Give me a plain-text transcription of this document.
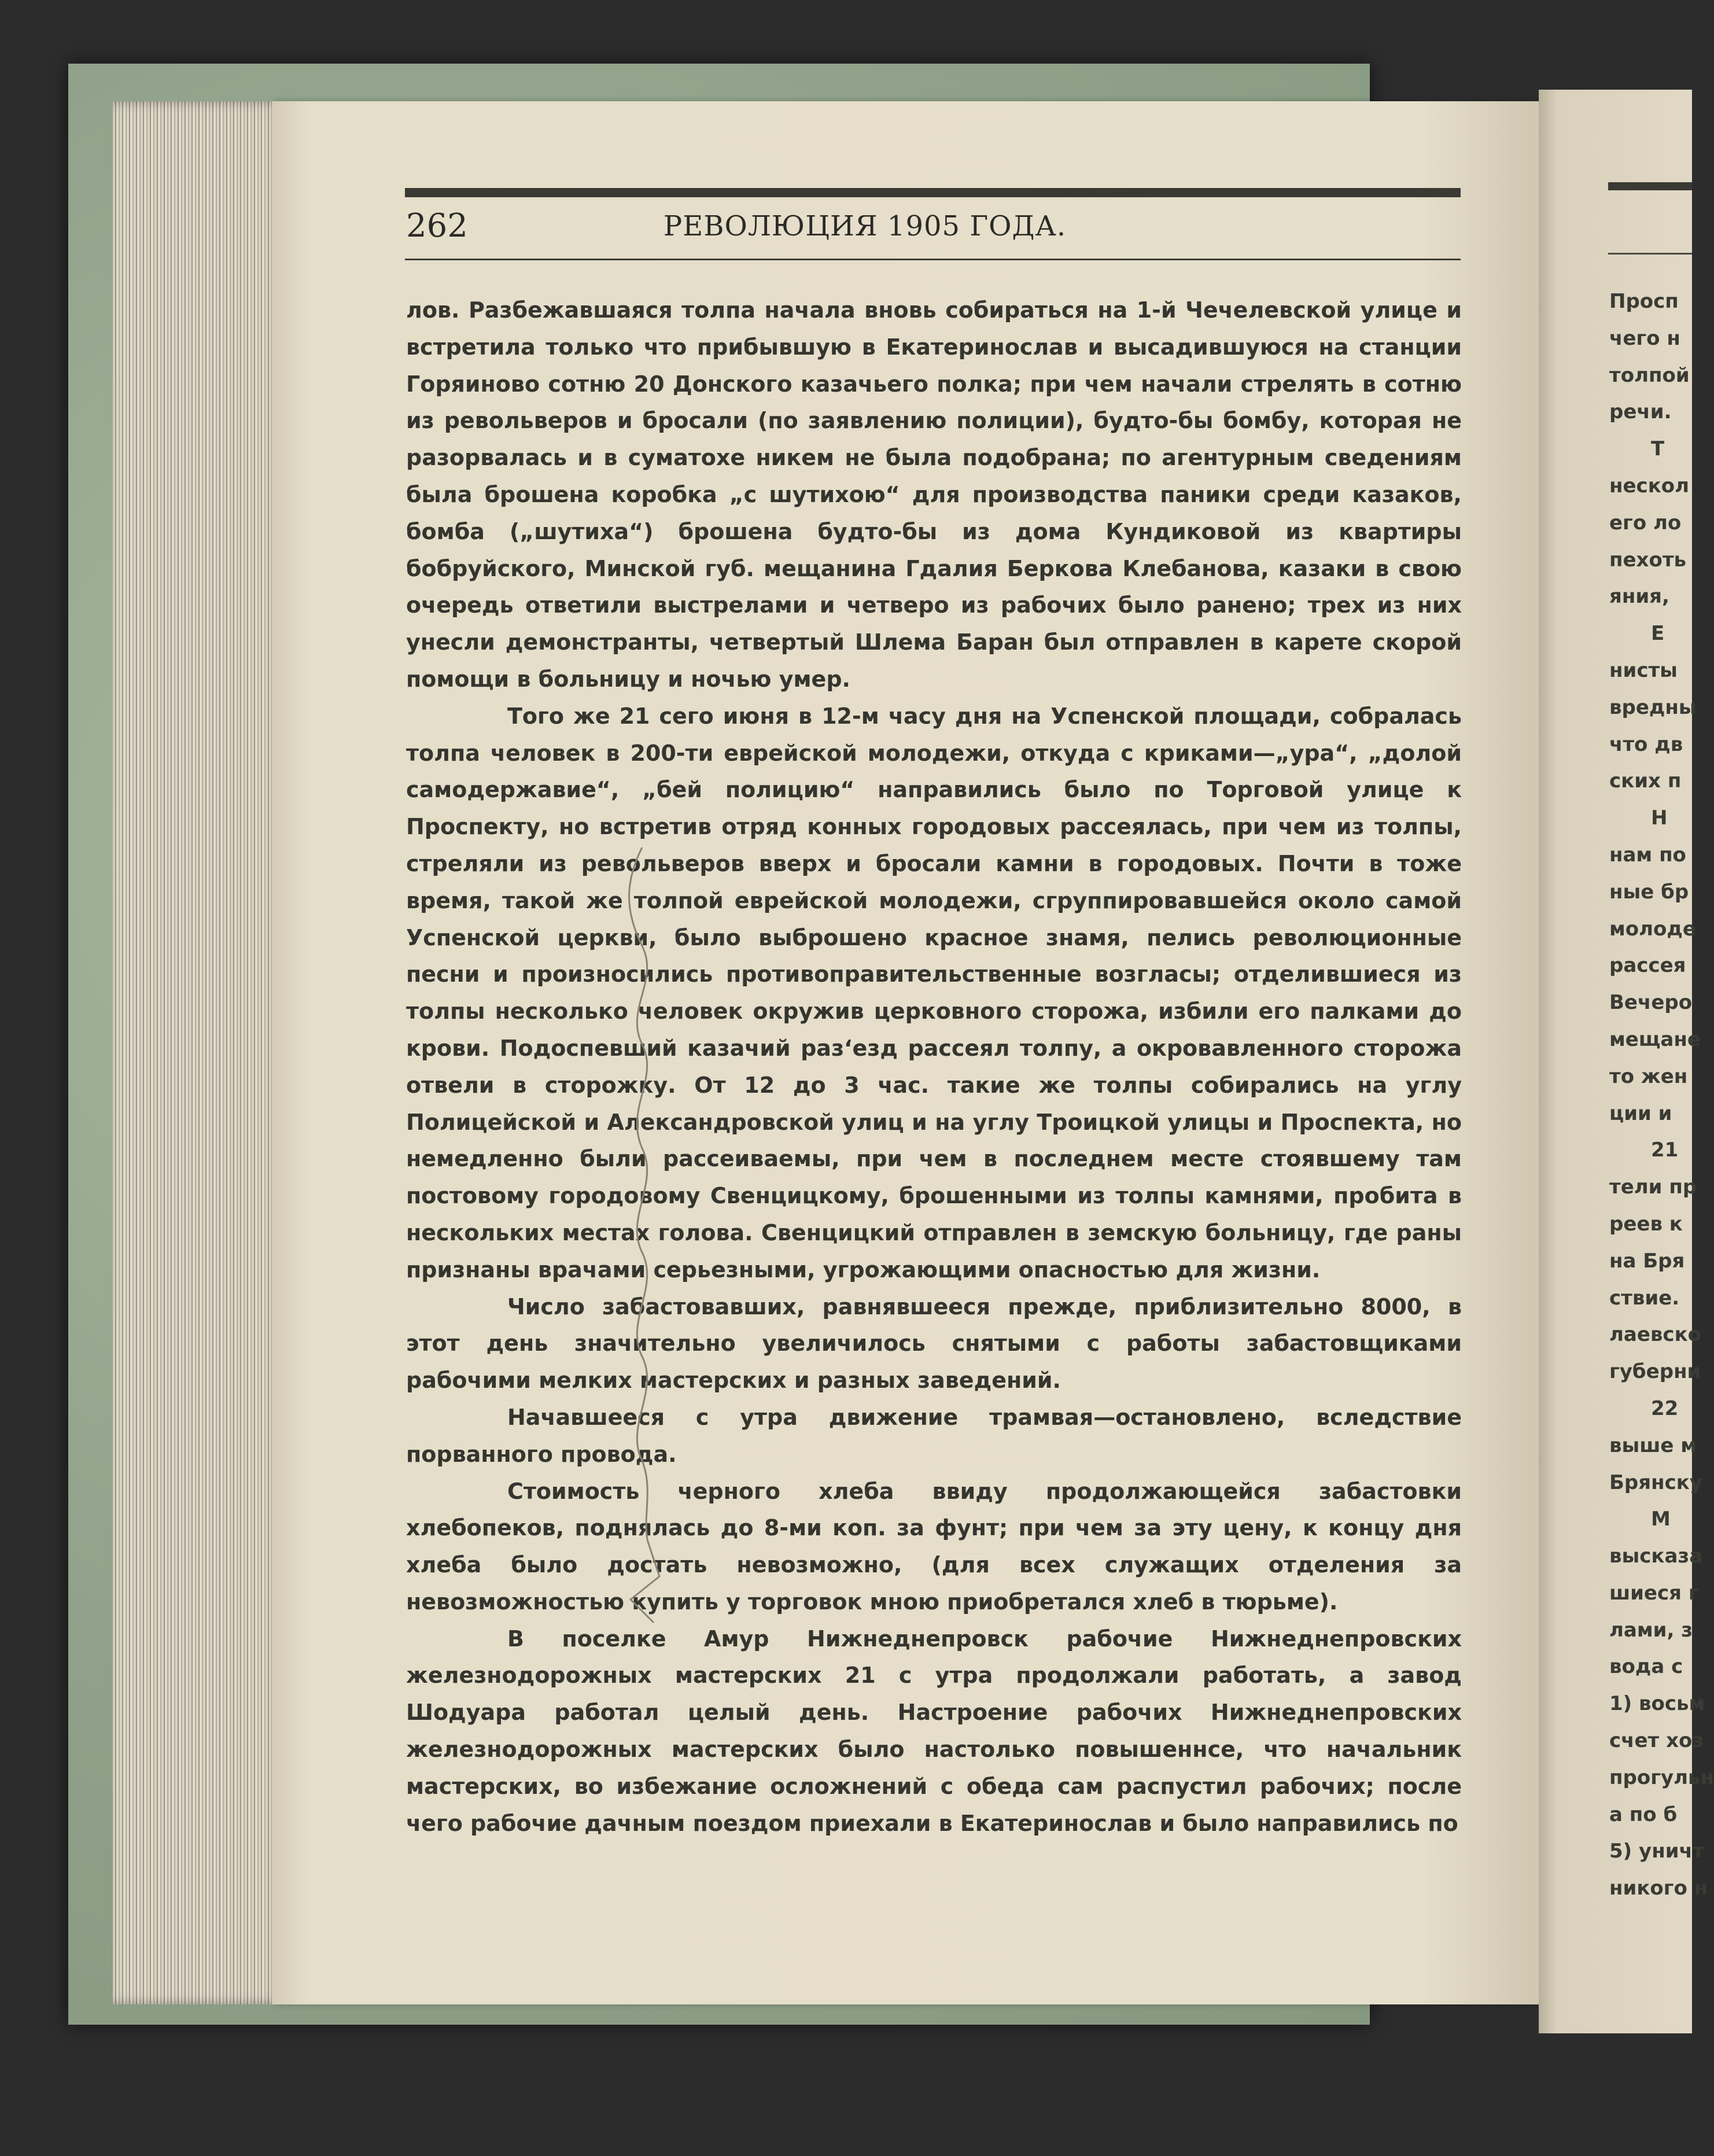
262	РЕВОЛЮЦИЯ 1905 ГОДА.

лов. Разбежавшаяся толпа начала вновь собираться на 1-й Чечелевской улице и встретила только что прибывшую в Екатеринослав и высадившуюся на станции Горяиново сотню 20 Донского казачьего полка; при чем начали стрелять в сотню из револьверов и бросали (по заявлению полиции), будто-бы бомбу, которая не разорвалась и в суматохе никем не была подобрана; по агентурным сведениям была брошена коробка „с шутихою“ для производства паники среди казаков, бомба („шутиха“) брошена будто-бы из дома Кундиковой из квартиры бобруйского, Минской губ. мещанина Гдалия Беркова Клебанова, казаки в свою очередь ответили выстрелами и четверо из рабочих было ранено; трех из них унесли демонстранты, четвертый Шлема Баран был отправлен в карете скорой помощи в больницу и ночью умер.

Того же 21 сего июня в 12-м часу дня на Успенской площади, собралась толпа человек в 200-ти еврейской молодежи, откуда с криками—„ура“, „долой самодержавие“, „бей полицию“ направились было по Торговой улице к Проспекту, но встретив отряд конных городовых рассеялась, при чем из толпы, стреляли из револьверов вверх и бросали камни в городовых. Почти в тоже время, такой же толпой еврейской молодежи, сгруппировавшейся около самой Успенской церкви, было выброшено красное знамя, пелись революционные песни и произносились противоправительственные возгласы; отделившиеся из толпы несколько человек окружив церковного сторожа, избили его палками до крови. Подоспевший казачий раз‘езд рассеял толпу, а окровавленного сторожа отвели в сторожку. От 12 до 3 час. такие же толпы собирались на углу Полицейской и Александровской улиц и на углу Троицкой улицы и Проспекта, но немедленно были рассеиваемы, при чем в последнем месте стоявшему там постовому городовому Свенцицкому, брошенными из толпы камнями, пробита в нескольких местах голова. Свенцицкий отправлен в земскую больницу, где раны признаны врачами серьезными, угрожающими опасностью для жизни.

Число забастовавших, равнявшееся прежде, приблизительно 8000, в этот день значительно увеличилось снятыми с работы забастовщиками рабочими мелких мастерских и разных заведений.

Начавшееся с утра движение трамвая—остановлено, вследствие порванного провода.

Стоимость черного хлеба ввиду продолжающейся забастовки хлебопеков, поднялась до 8-ми коп. за фунт; при чем за эту цену, к концу дня хлеба было достать невозможно, (для всех служащих отделения за невозможностью купить у торговок мною приобретался хлеб в тюрьме).

В поселке Амур Нижнеднепровск рабочие Нижнеднепровских железнодорожных мастерских 21 с утра продолжали работать, а завод Шодуара работал целый день. Настроение рабочих Нижнеднепровских железнодорожных мастерских было настолько повышеннсе, что начальник мастерских, во избежание осложнений с обеда сам распустил рабочих; после чего рабочие дачным поездом приехали в Екатеринослав и было направились по

Просп
чего н
толпой
речи.
Т
нескол
его ло
пехоть
яния,
Е
нисты
вредны
что дв
ских п
Н
нам по
ные бр
молоде
рассея
Вечеро
мещане
то жен
ции и
21
тели пр
реев к
на Бря
ствие.
лаевско
губерни
22
выше м
Брянску
М
высказа
шиеся г
лами, з
вода с
1) восьм
счет хоз
прогульн
а по б
5) уничт
никого н
